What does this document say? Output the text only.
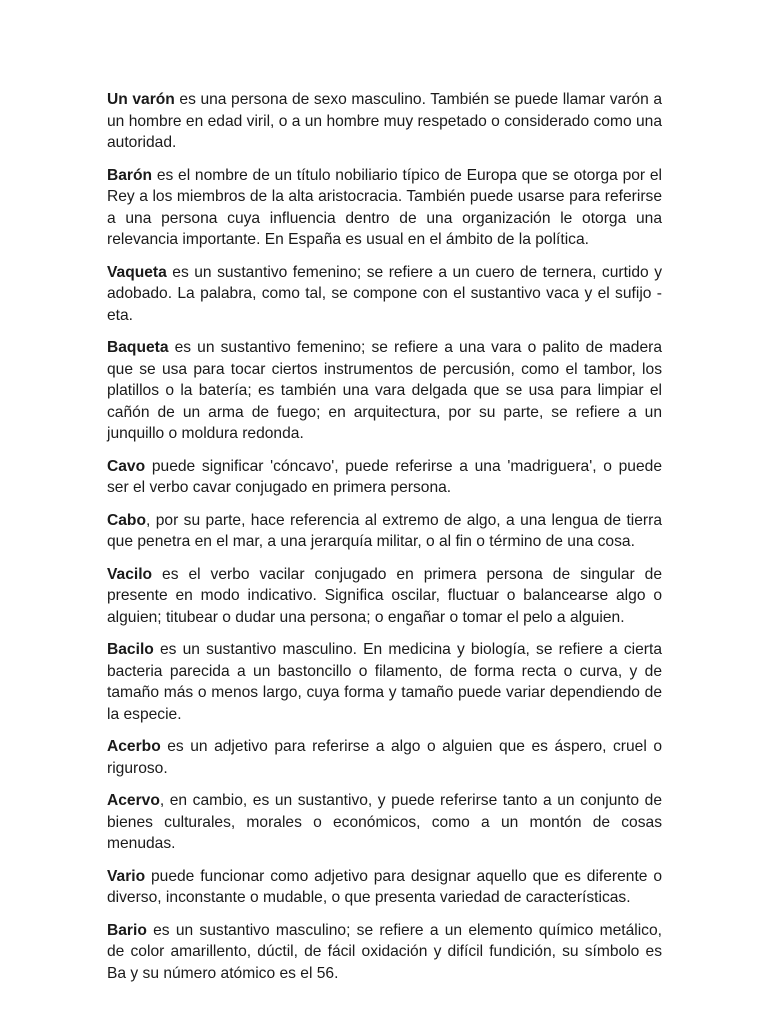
Un varón es una persona de sexo masculino. También se puede llamar varón a un hombre en edad viril, o a un hombre muy respetado o considerado como una autoridad.

Barón es el nombre de un título nobiliario típico de Europa que se otorga por el Rey a los miembros de la alta aristocracia. También puede usarse para referirse a una persona cuya influencia dentro de una organización le otorga una relevancia importante. En España es usual en el ámbito de la política.

Vaqueta es un sustantivo femenino; se refiere a un cuero de ternera, curtido y adobado. La palabra, como tal, se compone con el sustantivo vaca y el sufijo -eta.

Baqueta es un sustantivo femenino; se refiere a una vara o palito de madera que se usa para tocar ciertos instrumentos de percusión, como el tambor, los platillos o la batería; es también una vara delgada que se usa para limpiar el cañón de un arma de fuego; en arquitectura, por su parte, se refiere a un junquillo o moldura redonda.

Cavo puede significar 'cóncavo', puede referirse a una 'madriguera', o puede ser el verbo cavar conjugado en primera persona.

Cabo, por su parte, hace referencia al extremo de algo, a una lengua de tierra que penetra en el mar, a una jerarquía militar, o al fin o término de una cosa.

Vacilo es el verbo vacilar conjugado en primera persona de singular de presente en modo indicativo. Significa oscilar, fluctuar o balancearse algo o alguien; titubear o dudar una persona; o engañar o tomar el pelo a alguien.

Bacilo es un sustantivo masculino. En medicina y biología, se refiere a cierta bacteria parecida a un bastoncillo o filamento, de forma recta o curva, y de tamaño más o menos largo, cuya forma y tamaño puede variar dependiendo de la especie.

Acerbo es un adjetivo para referirse a algo o alguien que es áspero, cruel o riguroso.

Acervo, en cambio, es un sustantivo, y puede referirse tanto a un conjunto de bienes culturales, morales o económicos, como a un montón de cosas menudas.

Vario puede funcionar como adjetivo para designar aquello que es diferente o diverso, inconstante o mudable, o que presenta variedad de características.

Bario es un sustantivo masculino; se refiere a un elemento químico metálico, de color amarillento, dúctil, de fácil oxidación y difícil fundición, su símbolo es Ba y su número atómico es el 56.
